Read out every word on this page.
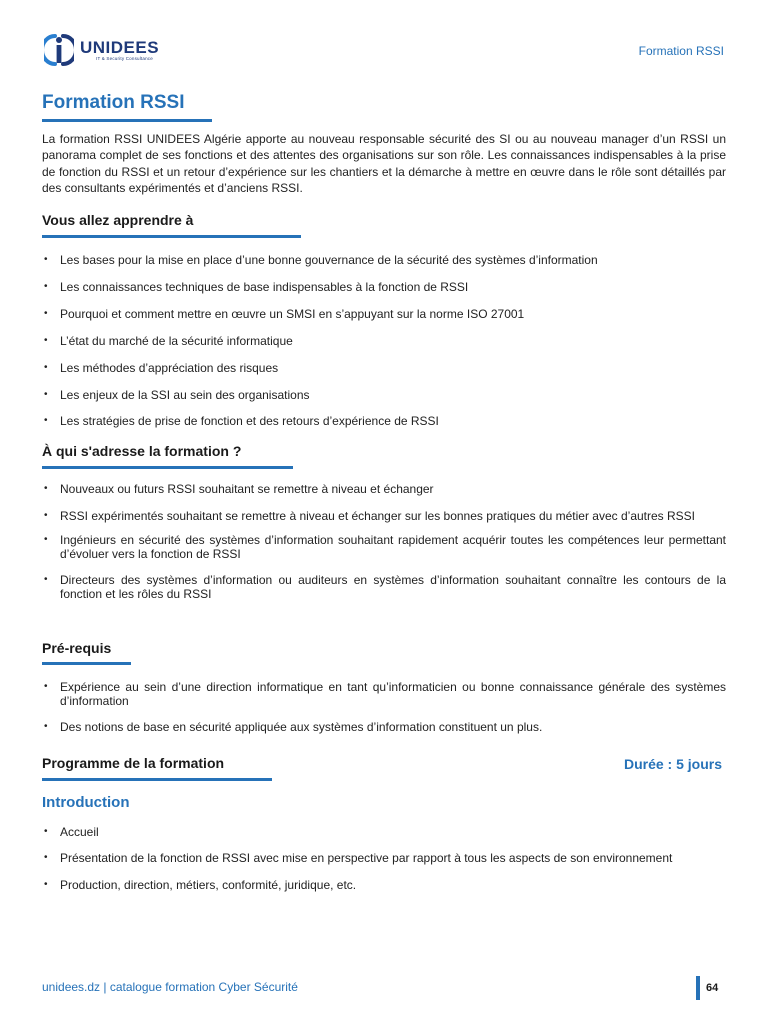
UNIDEES
IT & Security Consultance
Formation RSSI
Formation RSSI
La formation RSSI UNIDEES Algérie apporte au nouveau responsable sécurité des SI ou au nouveau manager d’un RSSI un panorama complet de ses fonctions et des attentes des organisations sur son rôle. Les connaissances indispensables à la prise de fonction du RSSI et un retour d’expérience sur les chantiers et la démarche à mettre en œuvre dans le rôle sont détaillés par des consultants expérimentés et d’anciens RSSI.
Vous allez apprendre à
• Les bases pour la mise en place d’une bonne gouvernance de la sécurité des systèmes d’information
• Les connaissances techniques de base indispensables à la fonction de RSSI
• Pourquoi et comment mettre en œuvre un SMSI en s’appuyant sur la norme ISO 27001
• L’état du marché de la sécurité informatique
• Les méthodes d’appréciation des risques
• Les enjeux de la SSI au sein des organisations
• Les stratégies de prise de fonction et des retours d’expérience de RSSI
À qui s'adresse la formation ?
• Nouveaux ou futurs RSSI souhaitant se remettre à niveau et échanger
• RSSI expérimentés souhaitant se remettre à niveau et échanger sur les bonnes pratiques du métier avec d’autres RSSI
• Ingénieurs en sécurité des systèmes d’information souhaitant rapidement acquérir toutes les compétences leur permettant d’évoluer vers la fonction de RSSI
• Directeurs des systèmes d’information ou auditeurs en systèmes d’information souhaitant connaître les contours de la fonction et les rôles du RSSI
Pré-requis
• Expérience au sein d’une direction informatique en tant qu’informaticien ou bonne connaissance générale des systèmes d’information
• Des notions de base en sécurité appliquée aux systèmes d’information constituent un plus.
Programme de la formation	Durée : 5 jours
Introduction
• Accueil
• Présentation de la fonction de RSSI avec mise en perspective par rapport à tous les aspects de son environnement
• Production, direction, métiers, conformité, juridique, etc.
unidees.dz | catalogue formation Cyber Sécurité	64
